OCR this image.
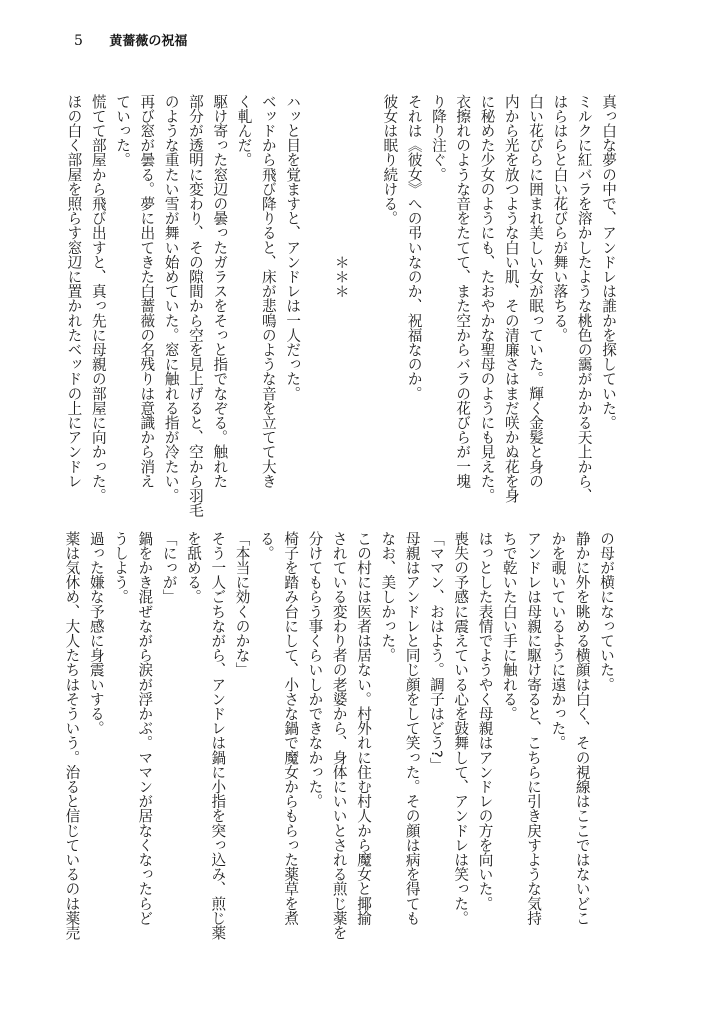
5 黄薔薇の祝福

真っ白な夢の中で、アンドレは誰かを探していた。

ミルクに紅バラを溶かしたような桃色の靄がかかる天上から、

はらはらと白い花びらが舞い落ちる。

白い花びらに囲まれ美しい女が眠っていた。輝く金髪と身の

内から光を放つような白い肌、その清廉さはまだ咲かぬ花を身

に秘めた少女のようにも、たおやかな聖母のようにも見えた。

衣擦れのような音をたてて、また空からバラの花びらが一塊

り降り注ぐ。

それは《彼女》への弔いなのか、祝福なのか。

彼女は眠り続ける。

　　　　　　　　　　　＊＊＊

ハッと目を覚ますと、アンドレは一人だった。

ベッドから飛び降りると、床が悲鳴のような音を立てて大き

く軋んだ。

駆け寄った窓辺の曇ったガラスをそっと指でなぞる。触れた

部分が透明に変わり、その隙間から空を見上げると、空から羽毛

のような重たい雪が舞い始めていた。窓に触れる指が冷たい。

再び窓が曇る。夢に出てきた白薔薇の名残りは意識から消え

ていった。

慌てて部屋から飛び出すと、真っ先に母親の部屋に向かった。

ほの白く部屋を照らす窓辺に置かれたベッドの上にアンドレ

の母が横になっていた。

静かに外を眺める横顔は白く、その視線はここではないどこ

かを覗いているように遠かった。

アンドレは母親に駆け寄ると、こちらに引き戻すような気持

ちで乾いた白い手に触れる。

はっとした表情でようやく母親はアンドレの方を向いた。

喪失の予感に震えている心を鼓舞して、アンドレは笑った。

「ママン、おはよう。調子はどう?」

母親はアンドレと同じ顔をして笑った。その顔は病を得ても

なお、美しかった。

この村には医者は居ない。村外れに住む村人から魔女と揶揄

されている変わり者の老婆から、身体にいいとされる煎じ薬を

分けてもらう事くらいしかできなかった。

椅子を踏み台にして、小さな鍋で魔女からもらった薬草を煮

る。

「本当に効くのかな」

そう一人ごちながら、アンドレは鍋に小指を突っ込み、煎じ薬

を舐める。

「にっが」

鍋をかき混ぜながら涙が浮かぶ。ママンが居なくなったらど

うしよう。

過った嫌な予感に身震いする。

薬は気休め、大人たちはそういう。治ると信じているのは薬売
